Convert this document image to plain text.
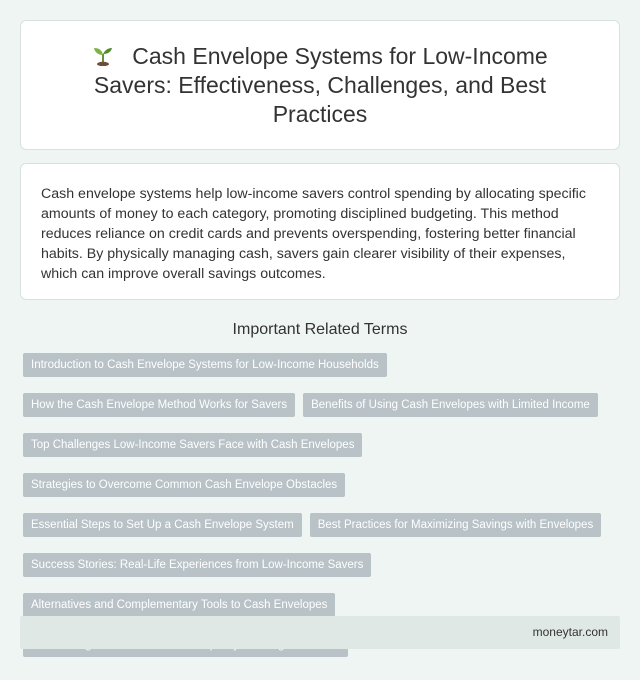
Cash Envelope Systems for Low-Income Savers: Effectiveness, Challenges, and Best Practices

Cash envelope systems help low-income savers control spending by allocating specific amounts of money to each category, promoting disciplined budgeting. This method reduces reliance on credit cards and prevents overspending, fostering better financial habits. By physically managing cash, savers gain clearer visibility of their expenses, which can improve overall savings outcomes.

Important Related Terms
Introduction to Cash Envelope Systems for Low-Income Households
How the Cash Envelope Method Works for Savers	Benefits of Using Cash Envelopes with Limited Income
Top Challenges Low-Income Savers Face with Cash Envelopes
Strategies to Overcome Common Cash Envelope Obstacles
Essential Steps to Set Up a Cash Envelope System	Best Practices for Maximizing Savings with Envelopes
Success Stories: Real-Life Experiences from Low-Income Savers
Alternatives and Complementary Tools to Cash Envelopes
moneytar.com
